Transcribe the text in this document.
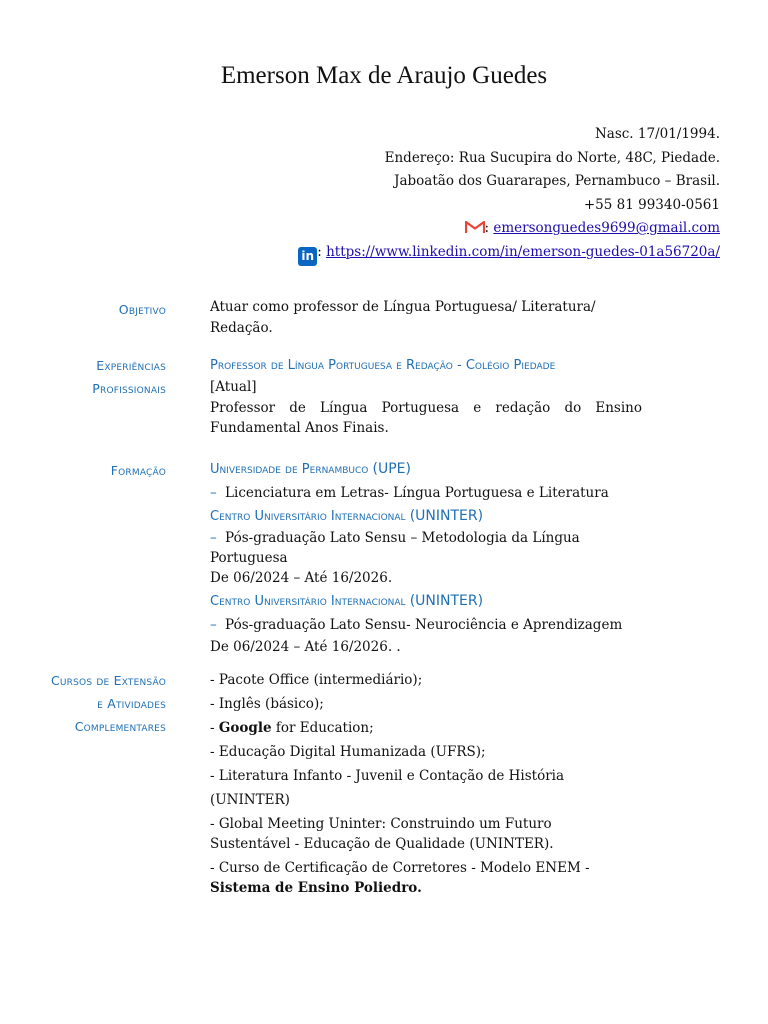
Emerson Max de Araujo Guedes
Nasc. 17/01/1994.
Endereço: Rua Sucupira do Norte, 48C, Piedade.
Jaboatão dos Guararapes, Pernambuco – Brasil.
+55 81 99340-0561
: emersonguedes9699@gmail.com
in : https://www.linkedin.com/in/emerson-guedes-01a56720a/
Objetivo	Atuar como professor de Língua Portuguesa/ Literatura/ Redação.
Experiências
Profissionais
Professor de Língua Portuguesa e Redação - Colégio Piedade
[Atual]
Professor de Língua Portuguesa e redação do Ensino Fundamental Anos Finais.
Formação	Universidade de Pernambuco (UPE)
– Licenciatura em Letras- Língua Portuguesa e Literatura
Centro Universitário Internacional (UNINTER)
– Pós-graduação Lato Sensu – Metodologia da Língua Portuguesa
De 06/2024 – Até 16/2026.
Centro Universitário Internacional (UNINTER)
– Pós-graduação Lato Sensu- Neurociência e Aprendizagem
De 06/2024 – Até 16/2026. .
Cursos de Extensão
e Atividades
Complementares
- Pacote Office (intermediário);
- Inglês (básico);
- Google for Education;
- Educação Digital Humanizada (UFRS);
- Literatura Infanto - Juvenil e Contação de História (UNINTER)
- Global Meeting Uninter: Construindo um Futuro Sustentável - Educação de Qualidade (UNINTER).
- Curso de Certificação de Corretores - Modelo ENEM - Sistema de Ensino Poliedro.
